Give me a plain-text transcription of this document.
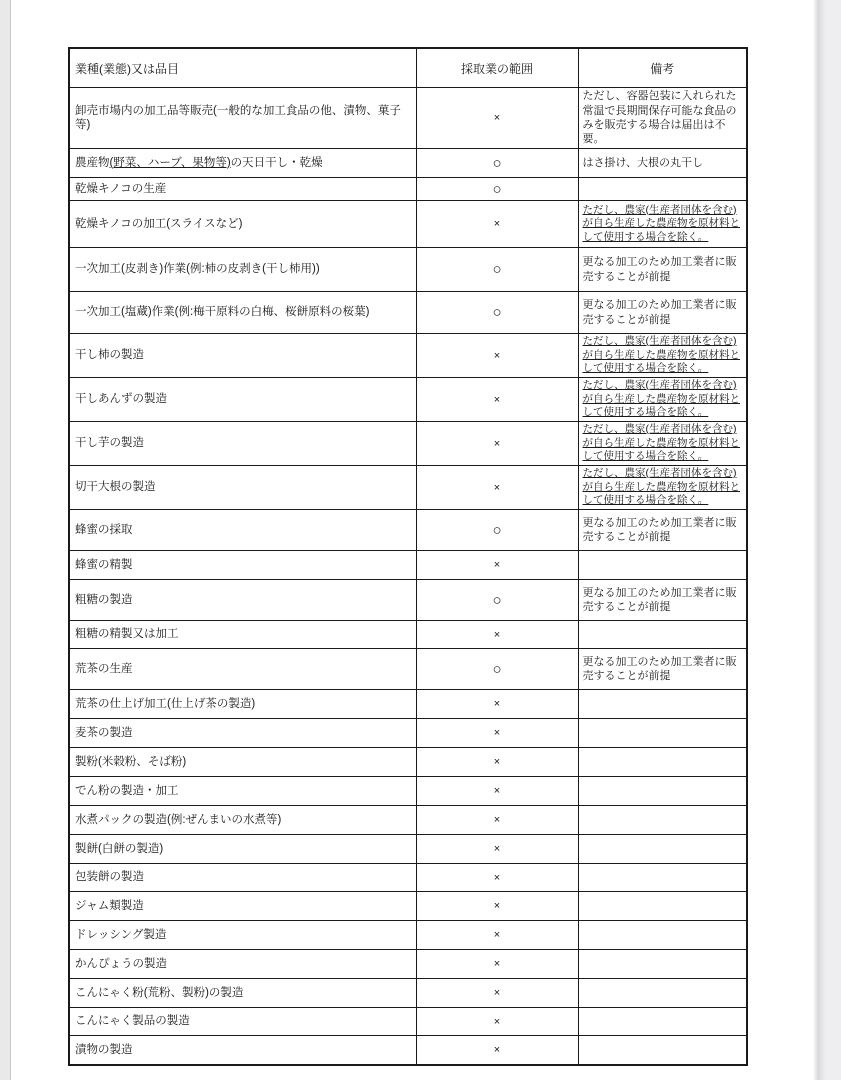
業種(業態)又は品目	採取業の範囲	備考
卸売市場内の加工品等販売(一般的な加工食品の他、漬物、菓子等)	×	ただし、容器包装に入れられた常温で長期間保存可能な食品のみを販売する場合は届出は不要。
農産物(野菜、ハーブ、果物等)の天日干し・乾燥	○	はさ掛け、大根の丸干し
乾燥キノコの生産	○	
乾燥キノコの加工(スライスなど)	×	ただし、農家(生産者団体を含む)が自ら生産した農産物を原材料として使用する場合を除く。
一次加工(皮剥き)作業(例:柿の皮剥き(干し柿用))	○	更なる加工のため加工業者に販売することが前提
一次加工(塩蔵)作業(例:梅干原料の白梅、桜餅原料の桜葉)	○	更なる加工のため加工業者に販売することが前提
干し柿の製造	×	ただし、農家(生産者団体を含む)が自ら生産した農産物を原材料として使用する場合を除く。
干しあんずの製造	×	ただし、農家(生産者団体を含む)が自ら生産した農産物を原材料として使用する場合を除く。
干し芋の製造	×	ただし、農家(生産者団体を含む)が自ら生産した農産物を原材料として使用する場合を除く。
切干大根の製造	×	ただし、農家(生産者団体を含む)が自ら生産した農産物を原材料として使用する場合を除く。
蜂蜜の採取	○	更なる加工のため加工業者に販売することが前提
蜂蜜の精製	×	
粗糖の製造	○	更なる加工のため加工業者に販売することが前提
粗糖の精製又は加工	×	
荒茶の生産	○	更なる加工のため加工業者に販売することが前提
荒茶の仕上げ加工(仕上げ茶の製造)	×	
麦茶の製造	×	
製粉(米穀粉、そば粉)	×	
でん粉の製造・加工	×	
水煮パックの製造(例:ぜんまいの水煮等)	×	
製餅(白餅の製造)	×	
包装餅の製造	×	
ジャム類製造	×	
ドレッシング製造	×	
かんぴょうの製造	×	
こんにゃく粉(荒粉、製粉)の製造	×	
こんにゃく製品の製造	×	
漬物の製造	×	
